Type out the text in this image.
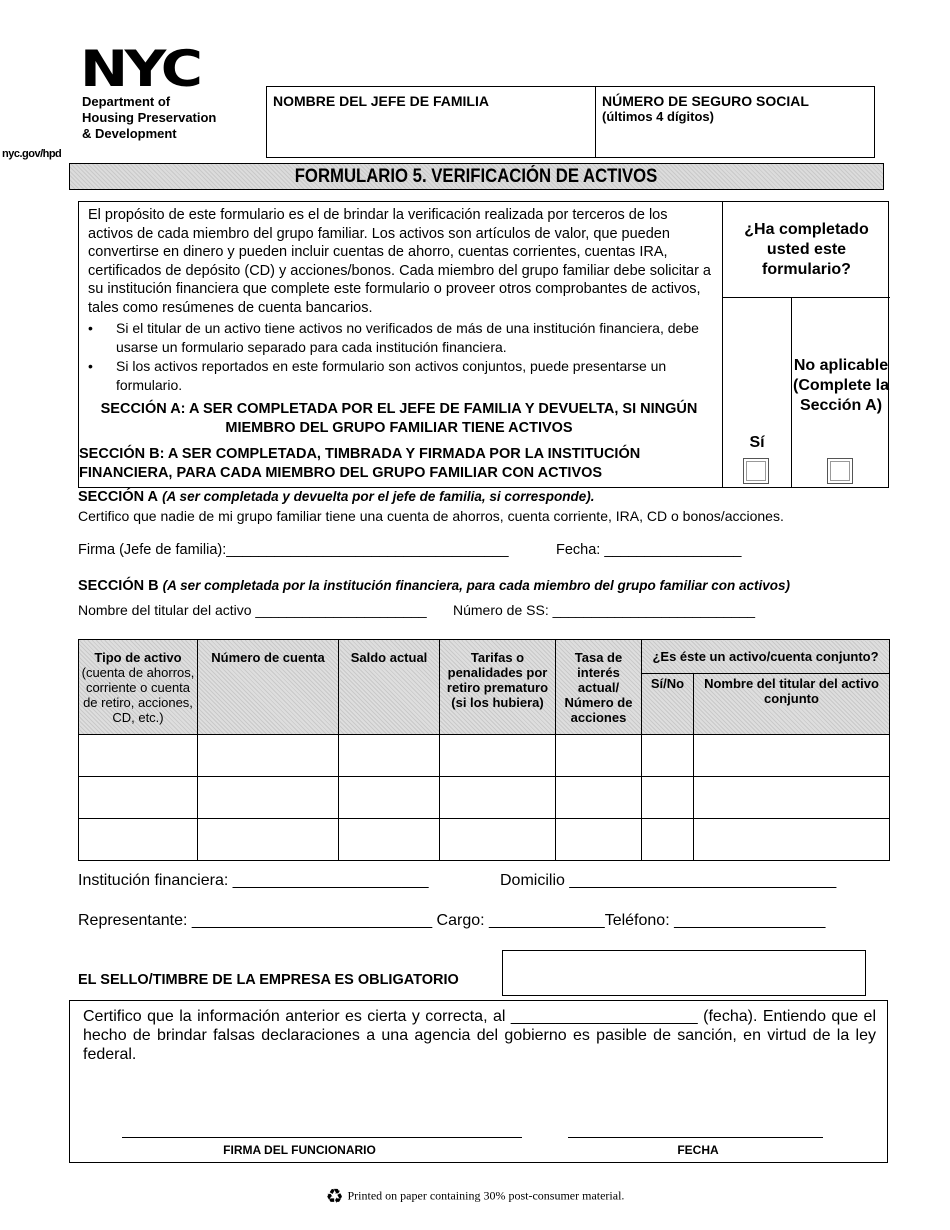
NYC
Department of
Housing Preservation
& Development
nyc.gov/hpd
NOMBRE DEL JEFE DE FAMILIA	NÚMERO DE SEGURO SOCIAL
(últimos 4 dígitos)
FORMULARIO 5. VERIFICACIÓN DE ACTIVOS
El propósito de este formulario es el de brindar la verificación realizada por terceros de los activos de cada miembro del grupo familiar. Los activos son artículos de valor, que pueden convertirse en dinero y pueden incluir cuentas de ahorro, cuentas corrientes, cuentas IRA, certificados de depósito (CD) y acciones/bonos. Cada miembro del grupo familiar debe solicitar a su institución financiera que complete este formulario o proveer otros comprobantes de activos, tales como resúmenes de cuenta bancarios.
•	Si el titular de un activo tiene activos no verificados de más de una institución financiera, debe usarse un formulario separado para cada institución financiera.
•	Si los activos reportados en este formulario son activos conjuntos, puede presentarse un formulario.
SECCIÓN A: A SER COMPLETADA POR EL JEFE DE FAMILIA Y DEVUELTA, SI NINGÚN MIEMBRO DEL GRUPO FAMILIAR TIENE ACTIVOS
SECCIÓN B: A SER COMPLETADA, TIMBRADA Y FIRMADA POR LA INSTITUCIÓN FINANCIERA, PARA CADA MIEMBRO DEL GRUPO FAMILIAR CON ACTIVOS
¿Ha completado usted este formulario?
Sí
No aplicable (Complete la Sección A)
SECCIÓN A (A ser completada y devuelta por el jefe de familia, si corresponde).
Certifico que nadie de mi grupo familiar tiene una cuenta de ahorros, cuenta corriente, IRA, CD o bonos/acciones.
Firma (Jefe de familia):___________________________________	Fecha: _________________
SECCIÓN B (A ser completada por la institución financiera, para cada miembro del grupo familiar con activos)
Nombre del titular del activo ______________________ Número de SS: __________________________
Tipo de activo
(cuenta de ahorros, corriente o cuenta de retiro, acciones, CD, etc.)	Número de cuenta	Saldo actual	Tarifas o penalidades por retiro prematuro (si los hubiera)	Tasa de interés actual/ Número de acciones	¿Es éste un activo/cuenta conjunto?	
					Sí/No	Nombre del titular del activo conjunto

Institución financiera: ______________________	Domicilio ______________________________
Representante: ___________________________ Cargo: _____________Teléfono: _________________
EL SELLO/TIMBRE DE LA EMPRESA ES OBLIGATORIO
Certifico que la información anterior es cierta y correcta, al _____________________ (fecha). Entiendo que el hecho de brindar falsas declaraciones a una agencia del gobierno es pasible de sanción, en virtud de la ley federal.
FIRMA DEL FUNCIONARIO	FECHA
♻ Printed on paper containing 30% post-consumer material.
